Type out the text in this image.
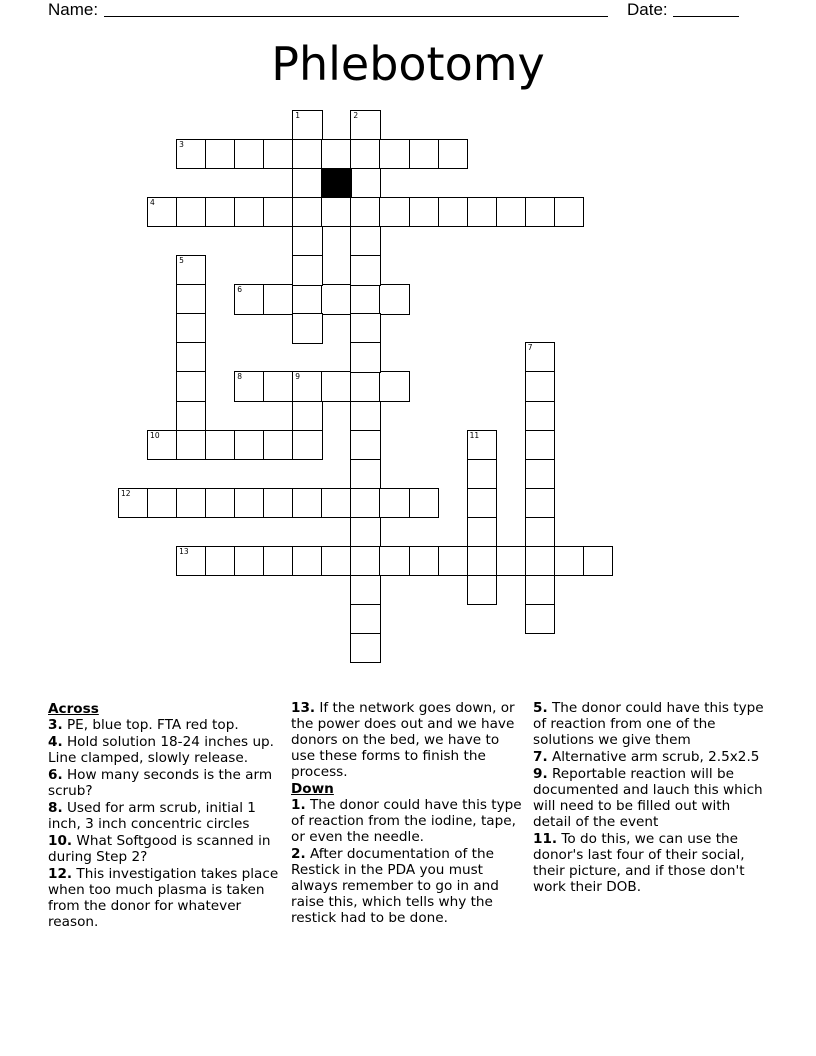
Name:	Date:
Phlebotomy
3
4
6
8	9
10
12
13
1	2
5
7
11
Across
3. PE, blue top. FTA red top.
4. Hold solution 18-24 inches up. Line clamped, slowly release.
6. How many seconds is the arm scrub?
8. Used for arm scrub, initial 1 inch, 3 inch concentric circles
10. What Softgood is scanned in during Step 2?
12. This investigation takes place when too much plasma is taken from the donor for whatever reason.
13. If the network goes down, or the power does out and we have donors on the bed, we have to use these forms to finish the process.
Down
1. The donor could have this type of reaction from the iodine, tape, or even the needle.
2. After documentation of the Restick in the PDA you must always remember to go in and raise this, which tells why the restick had to be done.
5. The donor could have this type of reaction from one of the solutions we give them
7. Alternative arm scrub, 2.5x2.5
9. Reportable reaction will be documented and lauch this which will need to be filled out with detail of the event
11. To do this, we can use the donor's last four of their social, their picture, and if those don't work their DOB.
